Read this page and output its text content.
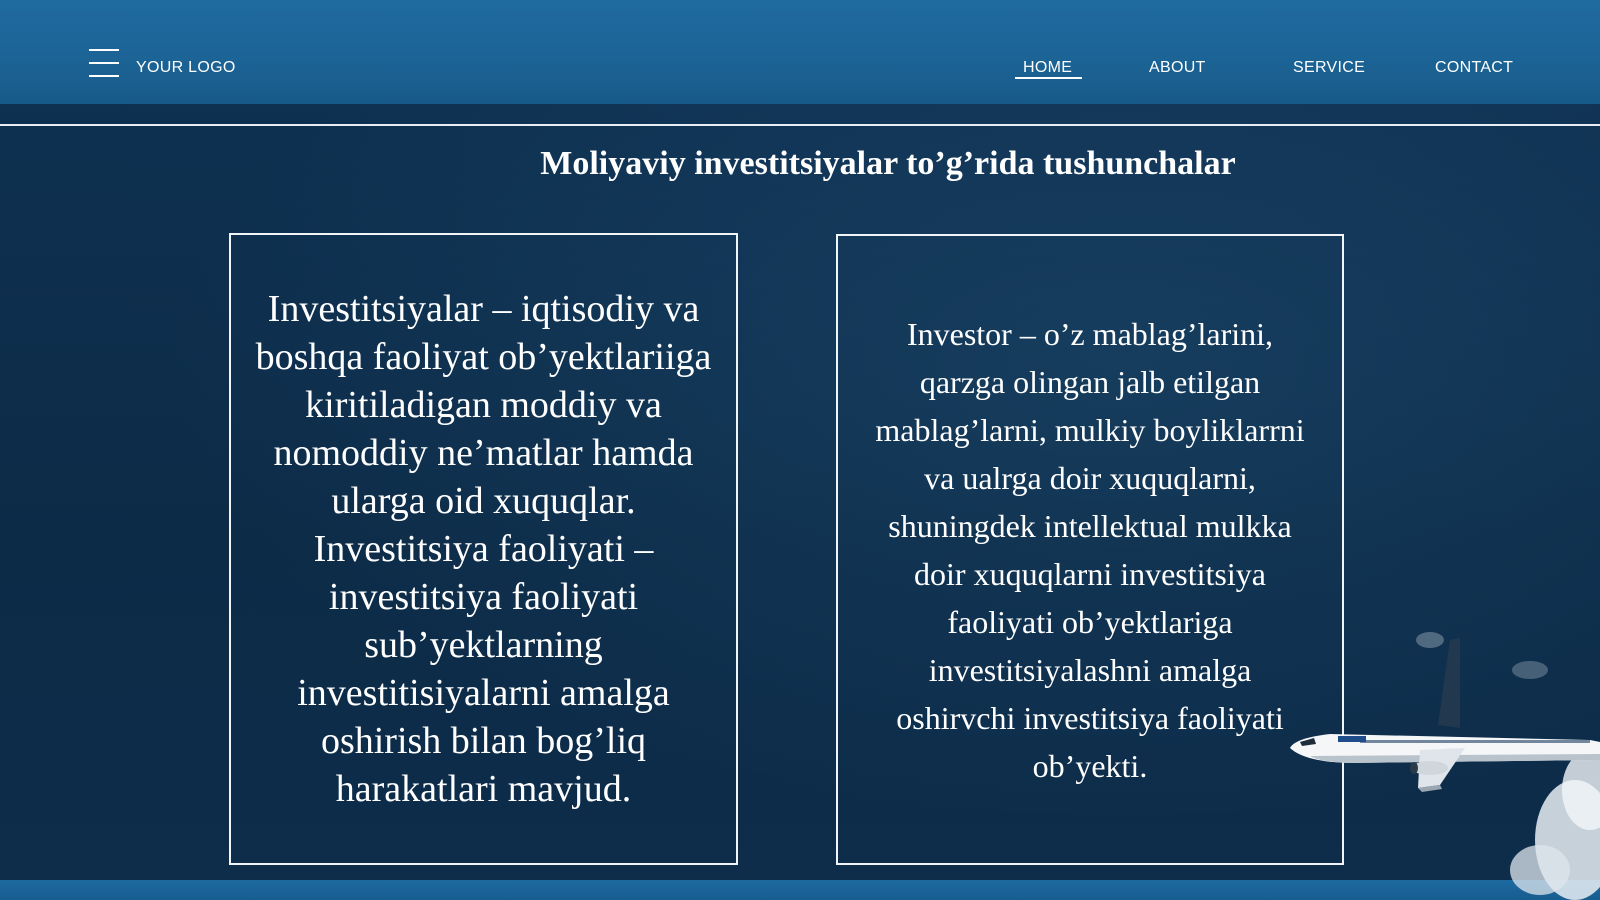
YOUR LOGO	HOME	ABOUT	SERVICE	CONTACT
Moliyaviy investitsiyalar to’g’rida tushunchalar

Investitsiyalar – iqtisodiy va boshqa faoliyat ob’yektlariiga kiritiladigan moddiy va nomoddiy ne’matlar hamda ularga oid xuquqlar.

Investitsiya faoliyati – investitsiya faoliyati sub’yektlarning investitisiyalarni amalga oshirish bilan bog’liq harakatlari mavjud.

Investor – o’z mablag’larini, qarzga olingan jalb etilgan mablag’larni, mulkiy boyliklarrni va ualrga doir xuquqlarni, shuningdek intellektual mulkka doir xuquqlarni investitsiya faoliyati ob’yektlariga investitsiyalashni amalga oshirvchi investitsiya faoliyati ob’yekti.
